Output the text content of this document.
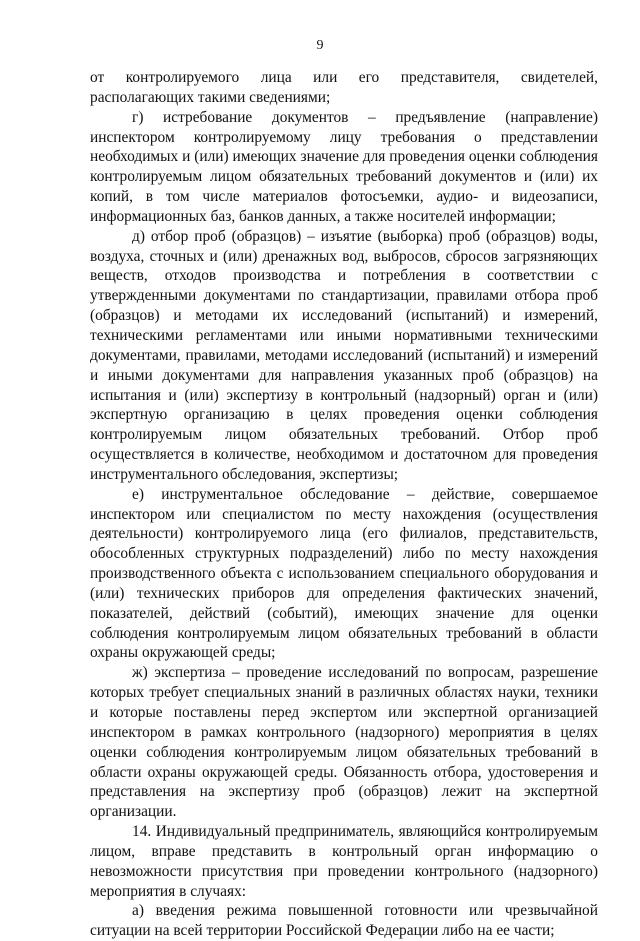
9

от контролируемого лица или его представителя, свидетелей, располагающих такими сведениями;

г) истребование документов – предъявление (направление) инспектором контролируемому лицу требования о представлении необходимых и (или) имеющих значение для проведения оценки соблюдения контролируемым лицом обязательных требований документов и (или) их копий, в том числе материалов фотосъемки, аудио- и видеозаписи, информационных баз, банков данных, а также носителей информации;

д) отбор проб (образцов) – изъятие (выборка) проб (образцов) воды, воздуха, сточных и (или) дренажных вод, выбросов, сбросов загрязняющих веществ, отходов производства и потребления в соответствии с утвержденными документами по стандартизации, правилами отбора проб (образцов) и методами их исследований (испытаний) и измерений, техническими регламентами или иными нормативными техническими документами, правилами, методами исследований (испытаний) и измерений и иными документами для направления указанных проб (образцов) на испытания и (или) экспертизу в контрольный (надзорный) орган и (или) экспертную организацию в целях проведения оценки соблюдения контролируемым лицом обязательных требований. Отбор проб осуществляется в количестве, необходимом и достаточном для проведения инструментального обследования, экспертизы;

е) инструментальное обследование – действие, совершаемое инспектором или специалистом по месту нахождения (осуществления деятельности) контролируемого лица (его филиалов, представительств, обособленных структурных подразделений) либо по месту нахождения производственного объекта с использованием специального оборудования и (или) технических приборов для определения фактических значений, показателей, действий (событий), имеющих значение для оценки соблюдения контролируемым лицом обязательных требований в области охраны окружающей среды;

ж) экспертиза – проведение исследований по вопросам, разрешение которых требует специальных знаний в различных областях науки, техники и которые поставлены перед экспертом или экспертной организацией инспектором в рамках контрольного (надзорного) мероприятия в целях оценки соблюдения контролируемым лицом обязательных требований в области охраны окружающей среды. Обязанность отбора, удостоверения и представления на экспертизу проб (образцов) лежит на экспертной организации.

14. Индивидуальный предприниматель, являющийся контролируемым лицом, вправе представить в контрольный орган информацию о невозможности присутствия при проведении контрольного (надзорного) мероприятия в случаях:

а) введения режима повышенной готовности или чрезвычайной ситуации на всей территории Российской Федерации либо на ее части;
